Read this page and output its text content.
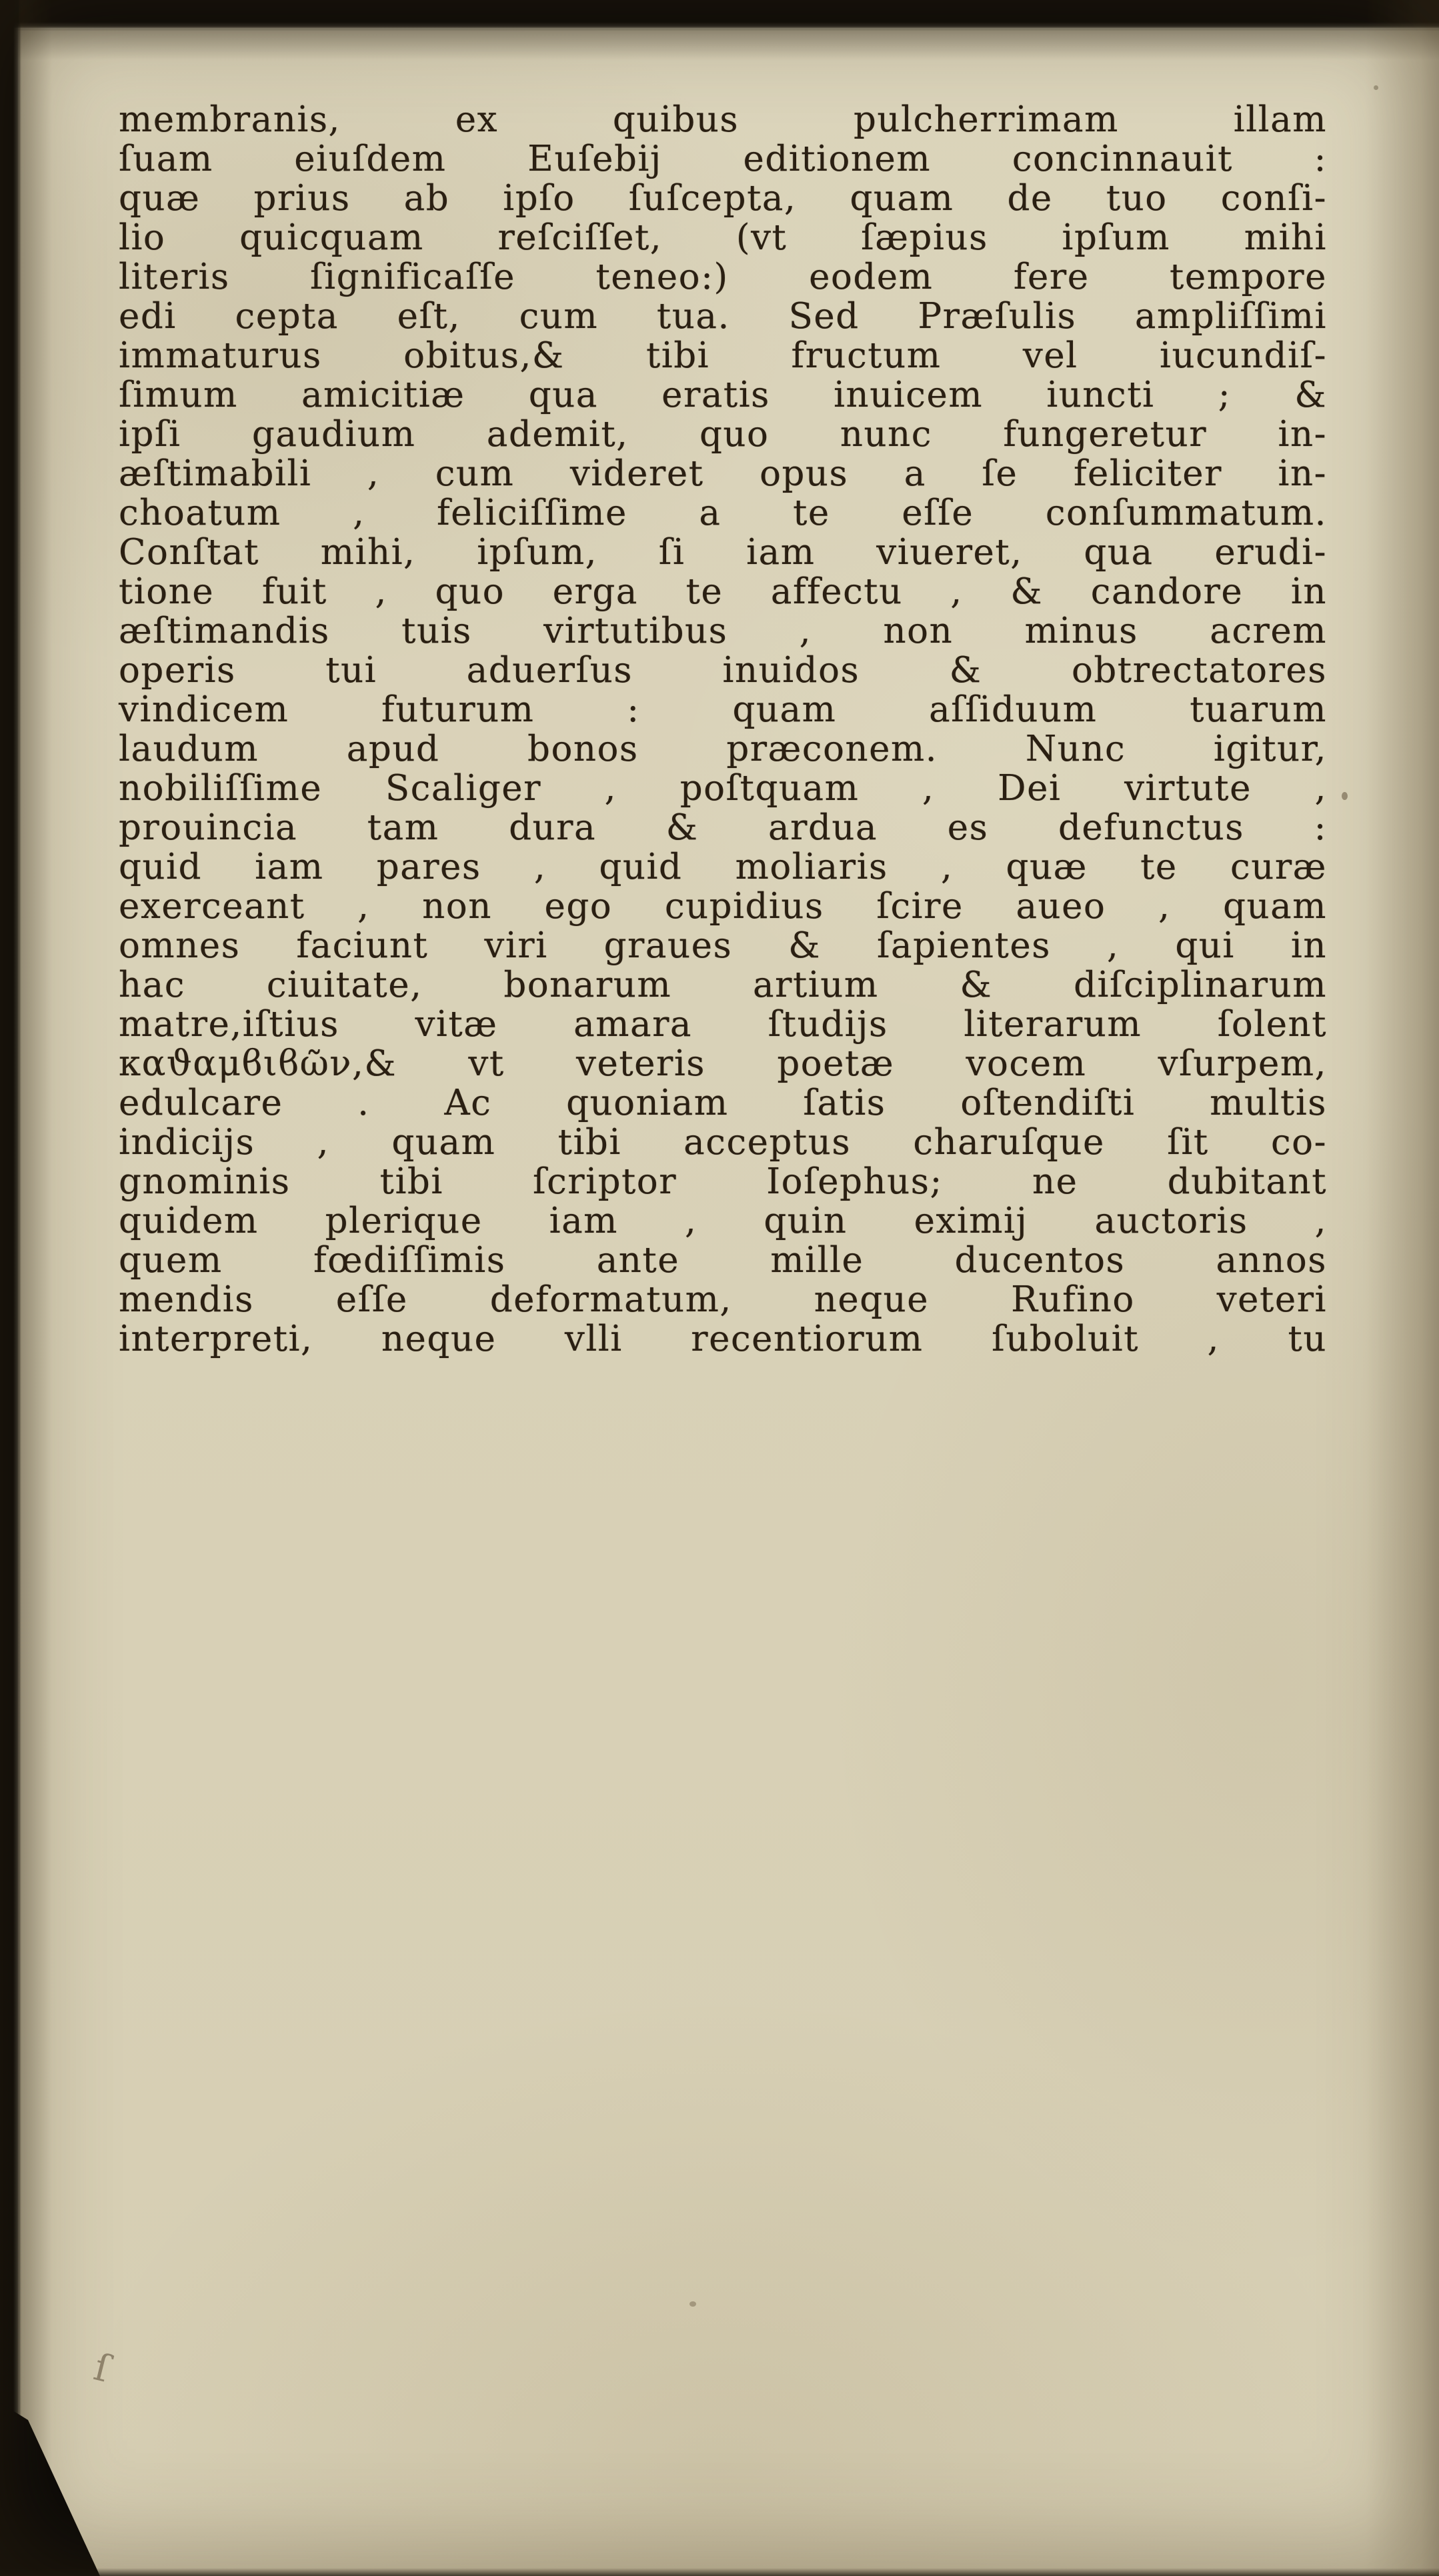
membranis, ex quibus pulcherrimam illam
ſuam eiuſdem Euſebij editionem concinnauit :
quæ prius ab ipſo ſuſcepta, quam de tuo conſi-
lio quicquam reſciſſet, (vt ſæpius ipſum mihi
literis ſignificaſſe teneo:) eodem fere tempore
edi cepta eſt, cum tua. Sed Præſulis ampliſſimi
immaturus obitus,& tibi fructum vel iucundiſ-
ſimum amicitiæ qua eratis inuicem iuncti ; &
ipſi gaudium ademit, quo nunc fungeretur in-
æſtimabili , cum videret opus a ſe feliciter in-
choatum , feliciſſime a te eſſe conſummatum.
Conſtat mihi, ipſum, ſi iam viueret, qua erudi-
tione fuit , quo erga te affectu , & candore in
æſtimandis tuis virtutibus , non minus acrem
operis tui aduerſus inuidos & obtrectatores
vindicem futurum : quam aſſiduum tuarum
laudum apud bonos præconem. Nunc igitur,
nobiliſſime Scaliger , poſtquam , Dei virtute ,
prouincia tam dura & ardua es defunctus :
quid iam pares , quid moliaris , quæ te curæ
exerceant , non ego cupidius ſcire aueo , quam
omnes faciunt viri graues & ſapientes , qui in
hac ciuitate, bonarum artium & diſciplinarum
matre,iſtius vitæ amara ſtudijs literarum ſolent
καϑαμϐιϐῶν,& vt veteris poetæ vocem vſurpem,
edulcare . Ac quoniam ſatis oſtendiſti multis
indicijs , quam tibi acceptus charuſque ſit co-
gnominis tibi ſcriptor Ioſephus; ne dubitant
quidem plerique iam , quin eximij auctoris ,
quem fœdiſſimis ante mille ducentos annos
mendis eſſe deformatum, neque Rufino veteri
interpreti, neque vlli recentiorum ſuboluit , tu
ſ
